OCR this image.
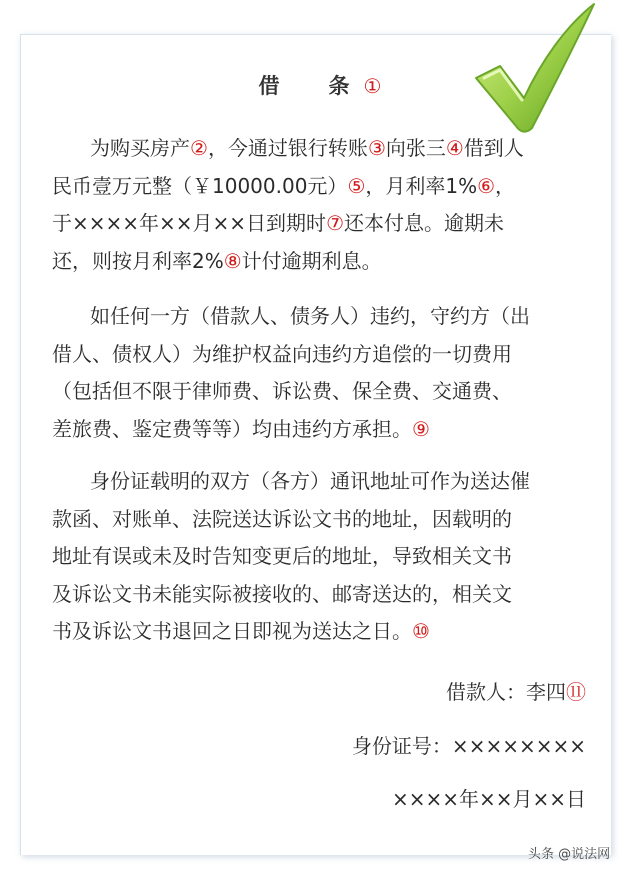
借　条①
为购买房产②，今通过银行转账③向张三④借到人
民币壹万元整（￥10000.00元）⑤，月利率1%⑥，
于××××年××月××日到期时⑦还本付息。逾期未
还，则按月利率2%⑧计付逾期利息。
如任何一方（借款人、债务人）违约，守约方（出
借人、债权人）为维护权益向违约方追偿的一切费用
（包括但不限于律师费、诉讼费、保全费、交通费、
差旅费、鉴定费等等）均由违约方承担。⑨
身份证载明的双方（各方）通讯地址可作为送达催
款函、对账单、法院送达诉讼文书的地址，因载明的
地址有误或未及时告知变更后的地址，导致相关文书
及诉讼文书未能实际被接收的、邮寄送达的，相关文
书及诉讼文书退回之日即视为送达之日。⑩
借款人：李四⑪
身份证号：××××××××
××××年××月××日
头条 @说法网
